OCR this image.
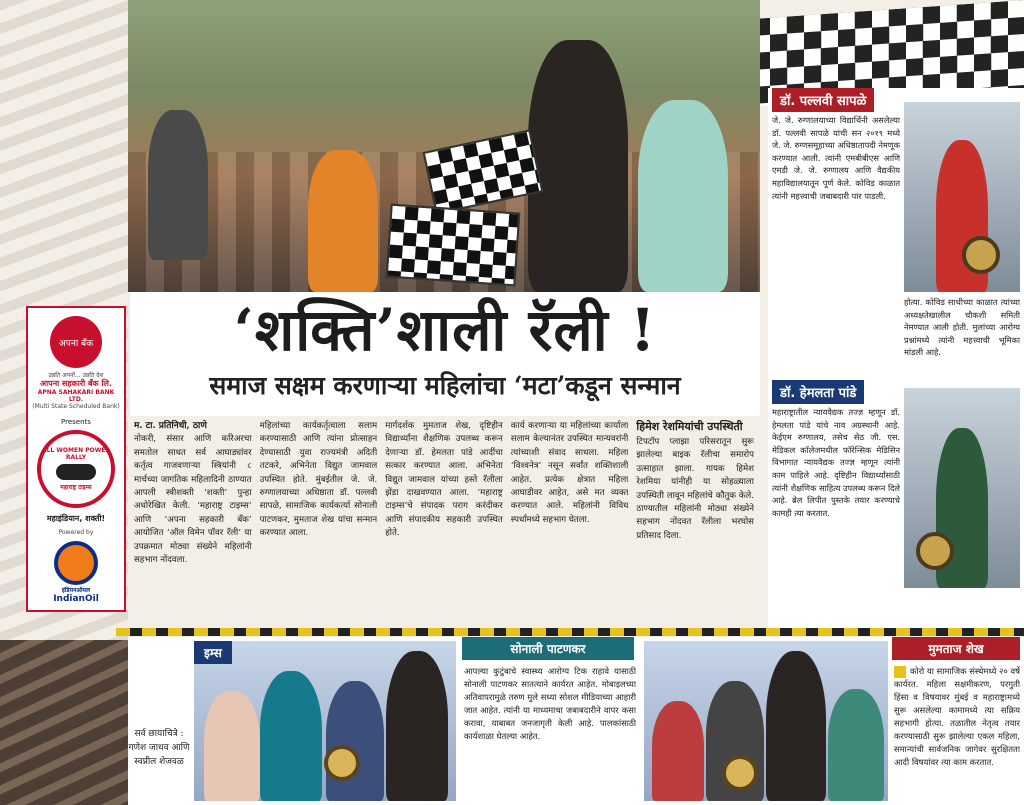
अपना बँक
उन्नति अपनों... उन्नति देश
आपना सहकारी बँक लि.
APNA SAHAKARI BANK LTD.
(Multi State Scheduled Bank)
Presents
ALL WOMEN POWER RALLY
महाराष्ट्र टाइम्स
महाइंडियान, शक्ती!
Powered by
इंडियनऑयल
IndianOil
‘शक्ति’शाली रॅली !
समाज सक्षम करणाऱ्या महिलांचा ‘मटा’कडून सन्मान
म. टा. प्रतिनिधी, ठाणे
नोकरी, संसार आणि करिअरचा समतोल साधत सर्व आघाड्यांवर कर्तृत्व गाजवणाऱ्या स्त्रियांनी ८ मार्चच्या जागतिक महिलादिनी ठाण्यात आपली स्त्रीशक्ती ‘शक्ती’ पुन्हा अधोरेखित केली. ‘महाराष्ट्र टाइम्स’ आणि ‘अपना सहकारी बँक’ आयोजित ‘ऑल विमेन पॉवर रॅली’ या उपक्रमात मोठ्या संख्येने महिलांनी सहभाग नोंदवला.
महिलांच्या कार्यकर्तृत्वाला सलाम करण्यासाठी आणि त्यांना प्रोत्साहन देण्यासाठी युवा राज्यमंत्री अदिती तटकरे, अभिनेता विद्युत जामवाल उपस्थित होते. मुंबईतील जे. जे. रुग्णालयाच्या अधिष्ठाता डॉ. पल्लवी सापळे, सामाजिक कार्यकर्त्या सोनाली पाटणकर, मुमताज शेख यांचा सन्मान करण्यात आला.
मार्गदर्शक मुमताज शेख, दृष्टिहीन विद्यार्थ्यांना शैक्षणिक उपलब्ध करून देणाऱ्या डॉ. हेमलता पांडे आदींचा सत्कार करण्यात आला. अभिनेता विद्युत जामवाल यांच्या हस्ते रॅलीला झेंडा दाखवण्यात आला. ‘महाराष्ट्र टाइम्स’चे संपादक पराग करंदीकर आणि संपादकीय सहकारी उपस्थित होते.
कार्य करणाऱ्या या महिलांच्या कार्याला सलाम केल्यानंतर उपस्थित मान्यवरांनी त्यांच्याशी संवाद साधला. महिला ‘विश्वनेत्र’ नसून सर्वांत शक्तिशाली आहेत. प्रत्येक क्षेत्रात महिला आघाडीवर आहेत, असे मत व्यक्त करण्यात आले. महिलांनी विविध स्पर्धांमध्ये सहभाग घेतला.
हिमेश रेशमियांची उपस्थिती
टिपटॉप प्लाझा परिसरातून सुरू झालेल्या बाइक रॅलीचा समारोप उत्साहात झाला. गायक हिमेश रेशमिया यांनीही या सोहळ्याला उपस्थिती लावून महिलांचे कौतुक केले. ठाण्यातील महिलांनी मोठ्या संख्येने सहभाग नोंदवत रॅलीला भरघोस प्रतिसाद दिला.
डॉ. पल्लवी सापळे
जे. जे. रुग्णालयाच्या विद्यार्थिनी असलेल्या डॉ. पल्लवी सापळे यांची सन २०१९ मध्ये जे. जे. रुग्णसमूहाच्या अधिष्ठातापदी नेमणूक करण्यात आली. त्यांनी एमबीबीएस आणि एमडी जे. जे. रुग्णालय आणि वैद्यकीय महाविद्यालयातून पूर्ण केले. कोविड काळात त्यांनी महत्त्वाची जबाबदारी पार पाडली.
होत्या. कोविड साथीच्या काळात त्यांच्या अध्यक्षतेखालील चौकशी समिती नेमण्यात आली होती. मुलांच्या आरोग्य प्रश्नांमध्ये त्यांनी महत्त्वाची भूमिका मांडली आहे.
डॉ. हेमलता पांडे
महाराष्ट्रातील न्यायवैद्यक तज्ज्ञ म्हणून डॉ. हेमलता पांडे यांचे नाव अग्रस्थानी आहे. केईएम रुग्णालय, तसेच सेठ जी. एस. मेडिकल कॉलेजमधील फॉरेन्सिक मेडिसिन विभागात न्यायवैद्यक तज्ज्ञ म्हणून त्यांनी काम पाहिले आहे. दृष्टिहीन विद्यार्थ्यांसाठी त्यांनी शैक्षणिक साहित्य उपलब्ध करून दिले आहे. ब्रेल लिपीत पुस्तके तयार करण्याचे कामही त्या करतात.
सर्व छायाचित्रे : गणेश जाधव आणि स्वप्नील शेजवळ
इम्स	सोनाली पाटणकर
आपल्या कुटुंबाचे स्वास्थ्य आरोग्य टिक राहावे यासाठी सोनाली पाटणकर सातत्याने कार्यरत आहेत. मोबाइलच्या अतिवापरामुळे तरुण मुले सध्या सोशल मीडियाच्या आहारी जात आहेत. त्यांनी या माध्यमाचा जबाबदारीने वापर कसा करावा, याबाबत जनजागृती केली आहे. पालकांसाठी कार्यशाळा घेतल्या आहेत.
मुमताज शेख
कोरो या सामाजिक संस्थेमध्ये २० वर्षे कार्यरत. महिला सक्षमीकरण, परगुती हिंसा व विषयावर मुंबई व महाराष्ट्रामध्ये सुरू असलेल्या कामामध्ये त्या सक्रिय सहभागी होत्या. तळातील नेतृत्व तयार करण्यासाठी सुरू झालेल्या एकल महिला, समान्यांची सार्वजनिक जागेवर सुरक्षितता आदी विषयांवर त्या काम करतात.
